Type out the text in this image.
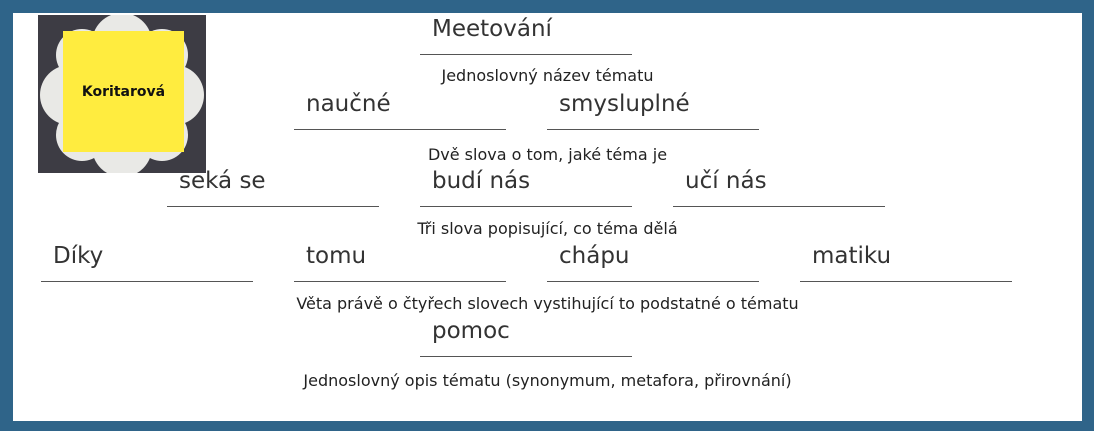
Koritarová
Meetování
Jednoslovný název tématu
naučné	smysluplné
Dvě slova o tom, jaké téma je
seká se	budí nás	učí nás
Tři slova popisující, co téma dělá
Díky	tomu	chápu	matiku
Věta právě o čtyřech slovech vystihující to podstatné o tématu
pomoc
Jednoslovný opis tématu (synonymum, metafora, přirovnání)
